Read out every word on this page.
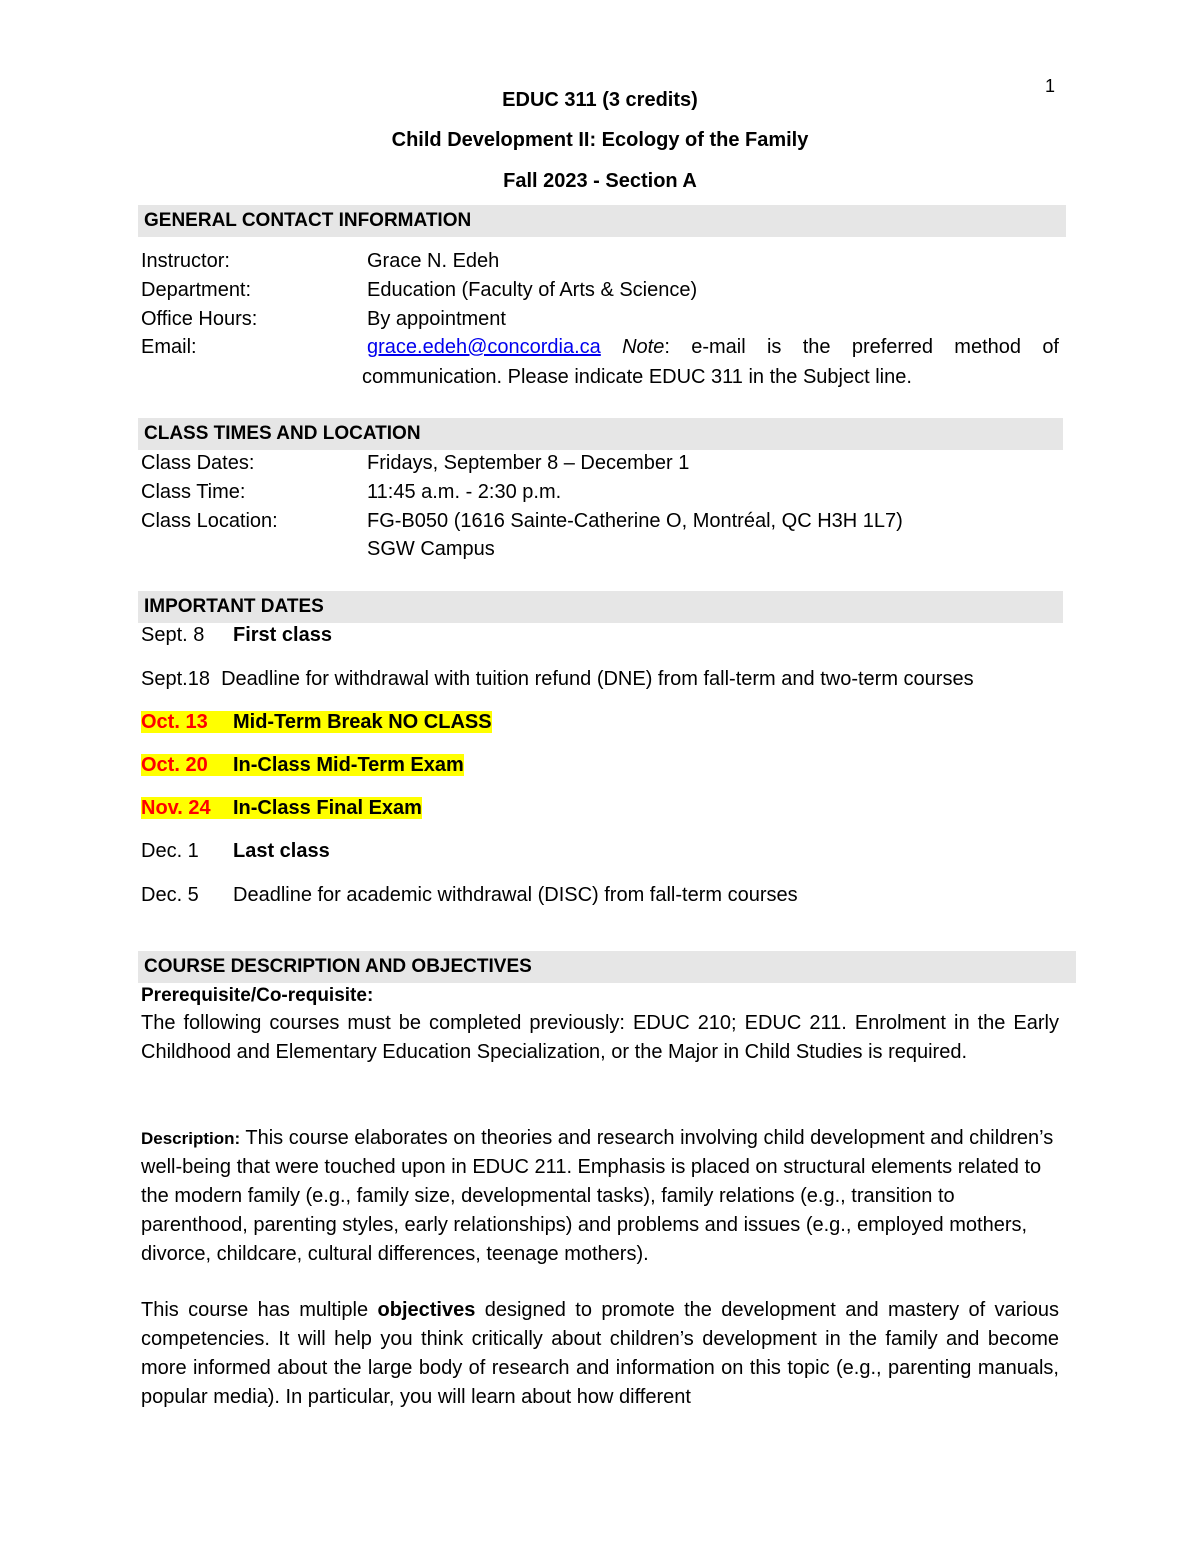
1
EDUC 311 (3 credits)
Child Development II: Ecology of the Family
Fall 2023 - Section A
GENERAL CONTACT INFORMATION
Instructor:	Grace N. Edeh
Department:	Education (Faculty of Arts & Science)
Office Hours:	By appointment
Email:	grace.edeh@concordia.ca Note: e-mail is the preferred method of
communication. Please indicate EDUC 311 in the Subject line.
CLASS TIMES AND LOCATION
Class Dates:	Fridays, September 8 – December 1
Class Time:	11:45 a.m. - 2:30 p.m.
Class Location:	FG-B050 (1616 Sainte-Catherine O, Montréal, QC H3H 1L7)
SGW Campus
IMPORTANT DATES
Sept. 8 First class
Sept.18 Deadline for withdrawal with tuition refund (DNE) from fall-term and two-term courses
Oct. 13 Mid-Term Break NO CLASS
Oct. 20 In-Class Mid-Term Exam
Nov. 24 In-Class Final Exam
Dec. 1 Last class
Dec. 5 Deadline for academic withdrawal (DISC) from fall-term courses
COURSE DESCRIPTION AND OBJECTIVES
Prerequisite/Co-requisite:

The following courses must be completed previously: EDUC 210; EDUC 211. Enrolment in the Early Childhood and Elementary Education Specialization, or the Major in Child Studies is required.

Description: This course elaborates on theories and research involving child development and children’s well-being that were touched upon in EDUC 211. Emphasis is placed on structural elements related to the modern family (e.g., family size, developmental tasks), family relations (e.g., transition to parenthood, parenting styles, early relationships) and problems and issues (e.g., employed mothers, divorce, childcare, cultural differences, teenage mothers).

This course has multiple objectives designed to promote the development and mastery of various competencies. It will help you think critically about children’s development in the family and become more informed about the large body of research and information on this topic (e.g., parenting manuals, popular media). In particular, you will learn about how different
